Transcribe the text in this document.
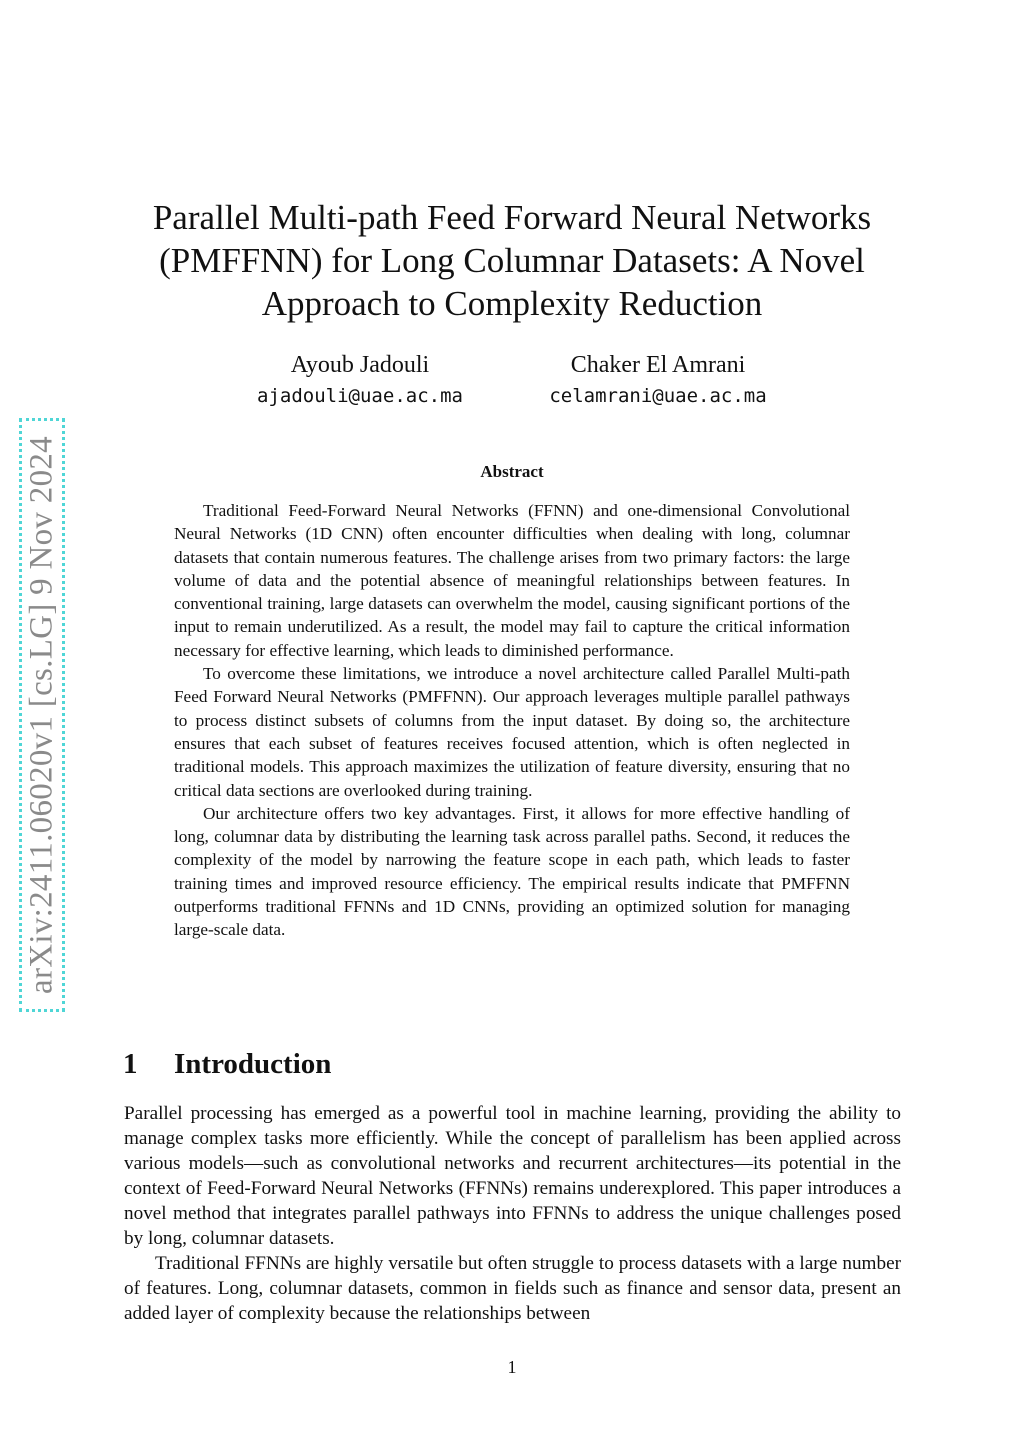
arXiv:2411.06020v1 [cs.LG] 9 Nov 2024
Parallel Multi-path Feed Forward Neural Networks
(PMFFNN) for Long Columnar Datasets: A Novel
Approach to Complexity Reduction
Ayoub Jadouli
ajadouli@uae.ac.ma
Chaker El Amrani
celamrani@uae.ac.ma
Abstract

Traditional Feed-Forward Neural Networks (FFNN) and one-dimensional Convolutional Neural Networks (1D CNN) often encounter difficulties when dealing with long, columnar datasets that contain numerous features. The challenge arises from two primary factors: the large volume of data and the potential absence of meaningful relationships between features. In conventional training, large datasets can overwhelm the model, causing significant portions of the input to remain underutilized. As a result, the model may fail to capture the critical information necessary for effective learning, which leads to diminished performance.

To overcome these limitations, we introduce a novel architecture called Parallel Multi-path Feed Forward Neural Networks (PMFFNN). Our approach leverages multiple parallel pathways to process distinct subsets of columns from the input dataset. By doing so, the architecture ensures that each subset of features receives focused attention, which is often neglected in traditional models. This approach maximizes the utilization of feature diversity, ensuring that no critical data sections are overlooked during training.

Our architecture offers two key advantages. First, it allows for more effective handling of long, columnar data by distributing the learning task across parallel paths. Second, it reduces the complexity of the model by narrowing the feature scope in each path, which leads to faster training times and improved resource efficiency. The empirical results indicate that PMFFNN outperforms traditional FFNNs and 1D CNNs, providing an optimized solution for managing large-scale data.

1 Introduction

Parallel processing has emerged as a powerful tool in machine learning, providing the ability to manage complex tasks more efficiently. While the concept of parallelism has been applied across various models—such as convolutional networks and recurrent architectures—its potential in the context of Feed-Forward Neural Networks (FFNNs) remains underexplored. This paper introduces a novel method that integrates parallel pathways into FFNNs to address the unique challenges posed by long, columnar datasets.

Traditional FFNNs are highly versatile but often struggle to process datasets with a large number of features. Long, columnar datasets, common in fields such as finance and sensor data, present an added layer of complexity because the relationships between

1
